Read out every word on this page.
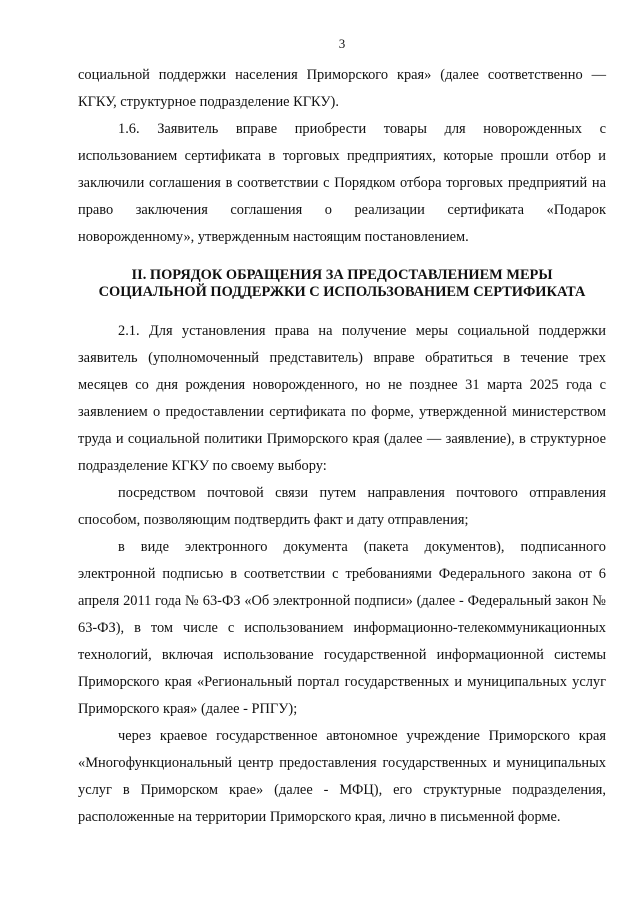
3

социальной поддержки населения Приморского края» (далее соответственно — КГКУ, структурное подразделение КГКУ).

1.6. Заявитель вправе приобрести товары для новорожденных с использованием сертификата в торговых предприятиях, которые прошли отбор и заключили соглашения в соответствии с Порядком отбора торговых предприятий на право заключения соглашения о реализации сертификата «Подарок новорожденному», утвержденным настоящим постановлением.

II. ПОРЯДОК ОБРАЩЕНИЯ ЗА ПРЕДОСТАВЛЕНИЕМ МЕРЫ СОЦИАЛЬНОЙ ПОДДЕРЖКИ С ИСПОЛЬЗОВАНИЕМ СЕРТИФИКАТА

2.1. Для установления права на получение меры социальной поддержки заявитель (уполномоченный представитель) вправе обратиться в течение трех месяцев со дня рождения новорожденного, но не позднее 31 марта 2025 года с заявлением о предоставлении сертификата по форме, утвержденной министерством труда и социальной политики Приморского края (далее — заявление), в структурное подразделение КГКУ по своему выбору:

посредством почтовой связи путем направления почтового отправления способом, позволяющим подтвердить факт и дату отправления;

в виде электронного документа (пакета документов), подписанного электронной подписью в соответствии с требованиями Федерального закона от 6 апреля 2011 года № 63-ФЗ «Об электронной подписи» (далее - Федеральный закон № 63-ФЗ), в том числе с использованием информационно-телекоммуникационных технологий, включая использование государственной информационной системы Приморского края «Региональный портал государственных и муниципальных услуг Приморского края» (далее - РПГУ);

через краевое государственное автономное учреждение Приморского края «Многофункциональный центр предоставления государственных и муниципальных услуг в Приморском крае» (далее - МФЦ), его структурные подразделения, расположенные на территории Приморского края, лично в письменной форме.
